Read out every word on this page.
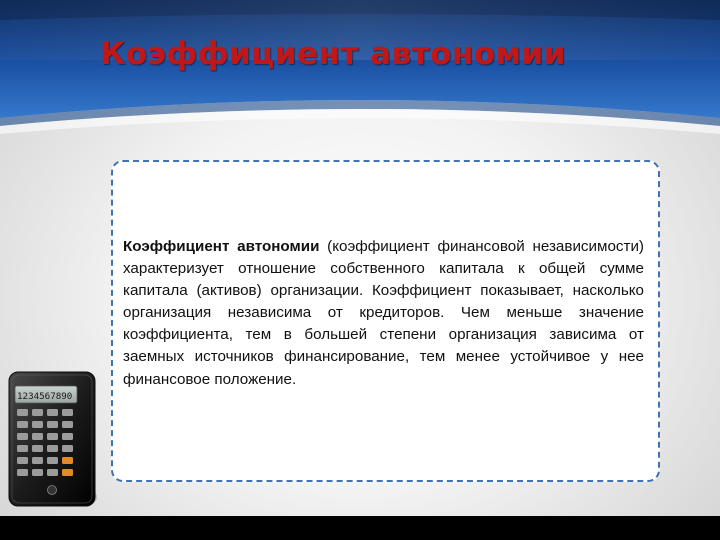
Коэффициент автономии

Коэффициент автономии (коэффициент финансовой независимости) характеризует отношение собственного капитала к общей сумме капитала (активов) организации. Коэффициент показывает, насколько организация независима от кредиторов. Чем меньше значение коэффициента, тем в большей степени организация зависима от заемных источников финансирование, тем менее устойчивое у нее финансовое положение.

1234567890
